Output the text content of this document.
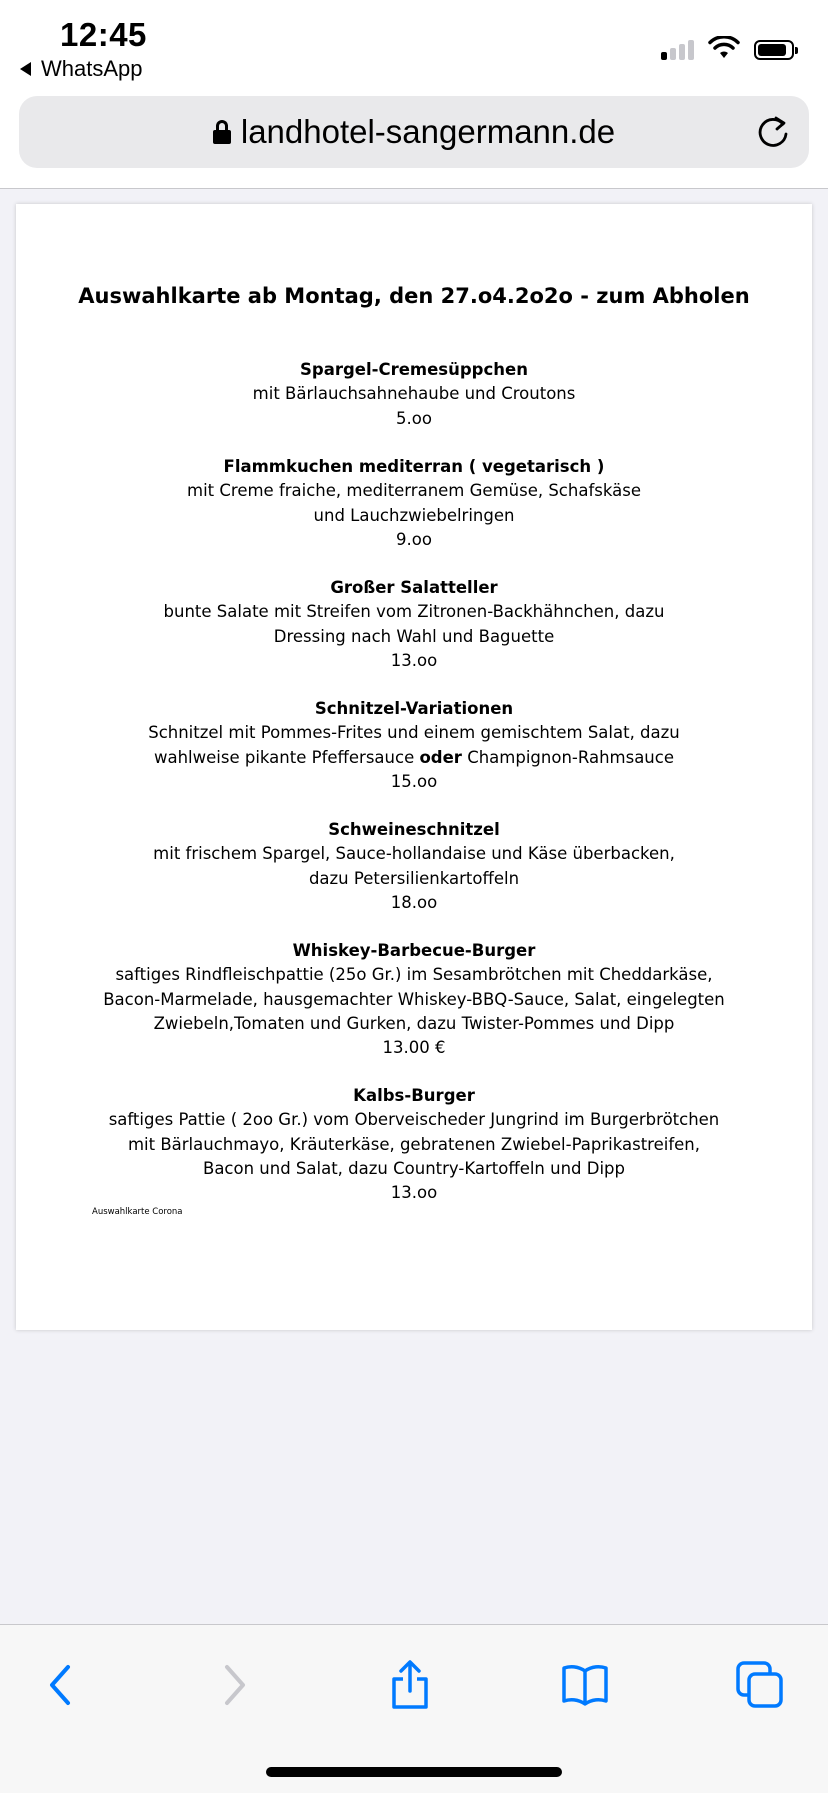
12:45
WhatsApp
landhotel-sangermann.de
Auswahlkarte ab Montag, den 27.o4.2o2o - zum Abholen
Spargel-Cremesüppchen
mit Bärlauchsahnehaube und Croutons
5.oo
Flammkuchen mediterran ( vegetarisch )
mit Creme fraiche, mediterranem Gemüse, Schafskäse
und Lauchzwiebelringen
9.oo
Großer Salatteller
bunte Salate mit Streifen vom Zitronen-Backhähnchen, dazu
Dressing nach Wahl und Baguette
13.oo
Schnitzel-Variationen
Schnitzel mit Pommes-Frites und einem gemischtem Salat, dazu
wahlweise pikante Pfeffersauce oder Champignon-Rahmsauce
15.oo
Schweineschnitzel
mit frischem Spargel, Sauce-hollandaise und Käse überbacken,
dazu Petersilienkartoffeln
18.oo
Whiskey-Barbecue-Burger
saftiges Rindfleischpattie (25o Gr.) im Sesambrötchen mit Cheddarkäse,
Bacon-Marmelade, hausgemachter Whiskey-BBQ-Sauce, Salat, eingelegten
Zwiebeln,Tomaten und Gurken, dazu Twister-Pommes und Dipp
13.00 €
Kalbs-Burger
saftiges Pattie ( 2oo Gr.) vom Oberveischeder Jungrind im Burgerbrötchen
mit Bärlauchmayo, Kräuterkäse, gebratenen Zwiebel-Paprikastreifen,
Bacon und Salat, dazu Country-Kartoffeln und Dipp
13.oo
Auswahlkarte Corona
